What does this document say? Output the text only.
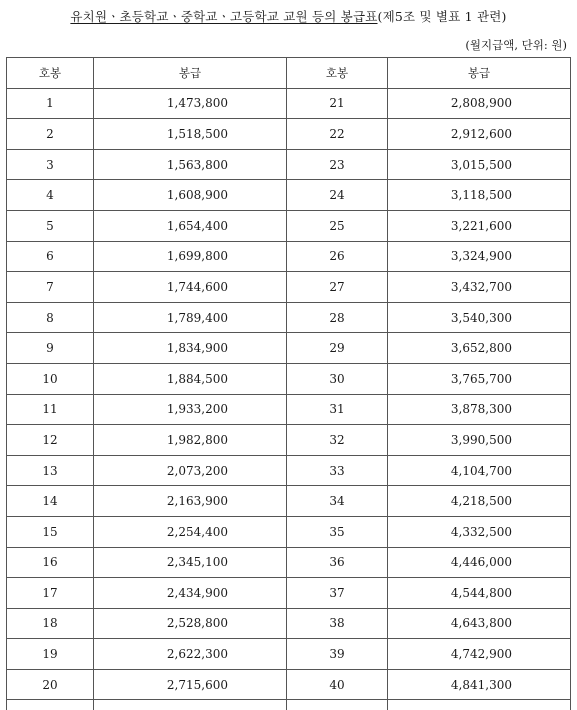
유치원ㆍ초등학교ㆍ중학교ㆍ고등학교 교원 등의 봉급표(제5조 및 별표 1 관련)
(월지급액, 단위: 원)
호봉	봉급	호봉	봉급
1	1,473,800	21	2,808,900
2	1,518,500	22	2,912,600
3	1,563,800	23	3,015,500
4	1,608,900	24	3,118,500
5	1,654,400	25	3,221,600
6	1,699,800	26	3,324,900
7	1,744,600	27	3,432,700
8	1,789,400	28	3,540,300
9	1,834,900	29	3,652,800
10	1,884,500	30	3,765,700
11	1,933,200	31	3,878,300
12	1,982,800	32	3,990,500
13	2,073,200	33	4,104,700
14	2,163,900	34	4,218,500
15	2,254,400	35	4,332,500
16	2,345,100	36	4,446,000
17	2,434,900	37	4,544,800
18	2,528,800	38	4,643,800
19	2,622,300	39	4,742,900
20	2,715,600	40	4,841,300
